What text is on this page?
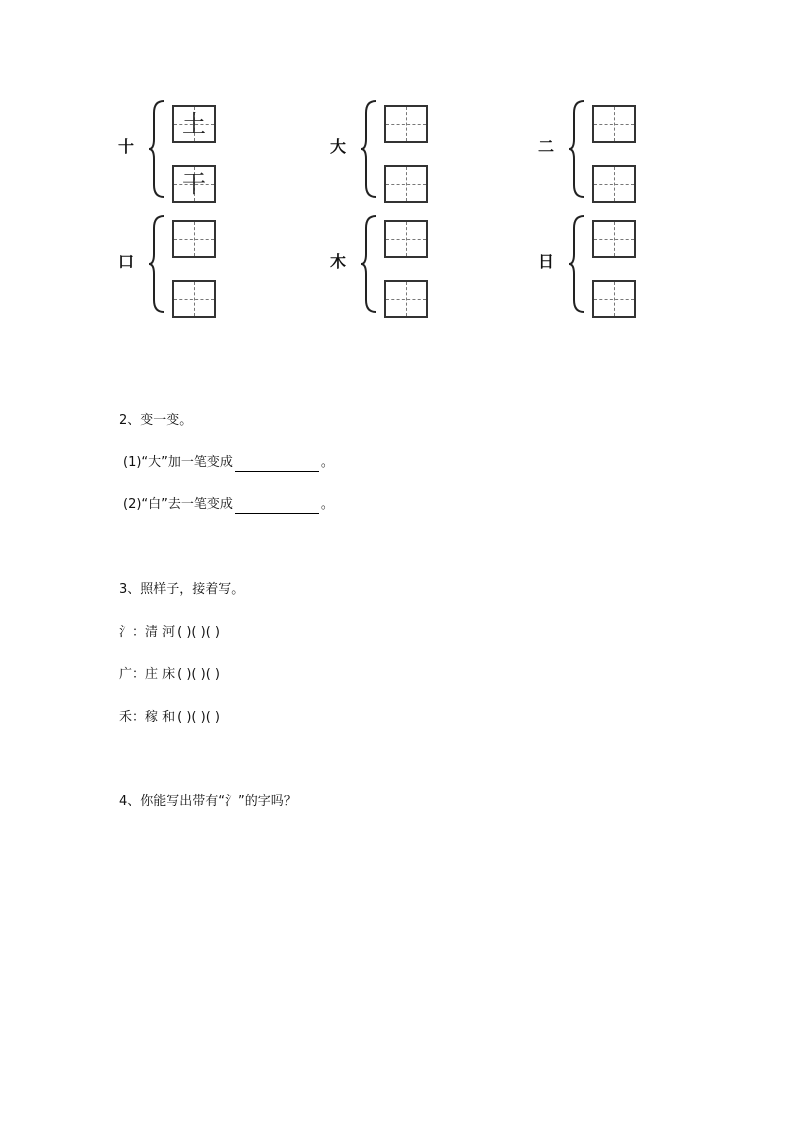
十
土
干
大	二
口	木	日
2、变一变。
(1)“大”加一笔变成	。
(2)“白”去一笔变成	。
3、照样子，接着写。
氵：清 河 ( )( )( )
广：庄 床 ( )( )( )
禾：稼 和 ( )( )( )
4、你能写出带有“氵”的字吗？
